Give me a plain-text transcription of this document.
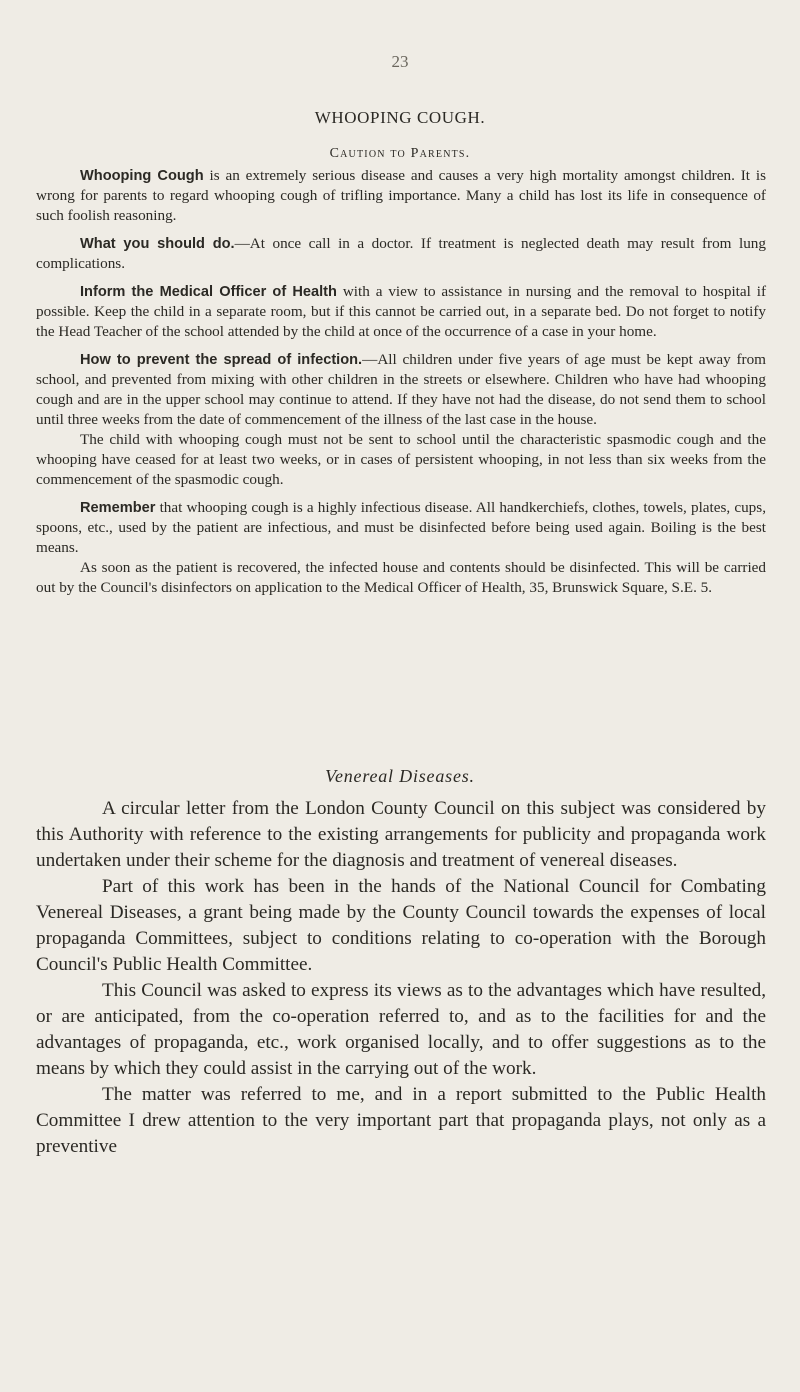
23
WHOOPING COUGH.
Caution to Parents.

Whooping Cough is an extremely serious disease and causes a very high mortality amongst children. It is wrong for parents to regard whooping cough of trifling importance. Many a child has lost its life in consequence of such foolish reasoning.

What you should do.—At once call in a doctor. If treatment is neglected death may result from lung complications.

Inform the Medical Officer of Health with a view to assistance in nursing and the removal to hospital if possible. Keep the child in a separate room, but if this cannot be carried out, in a separate bed. Do not forget to notify the Head Teacher of the school attended by the child at once of the occurrence of a case in your home.

How to prevent the spread of infection.—All children under five years of age must be kept away from school, and prevented from mixing with other children in the streets or elsewhere. Children who have had whooping cough and are in the upper school may continue to attend. If they have not had the disease, do not send them to school until three weeks from the date of commencement of the illness of the last case in the house.

The child with whooping cough must not be sent to school until the characteristic spasmodic cough and the whooping have ceased for at least two weeks, or in cases of persistent whooping, in not less than six weeks from the commencement of the spasmodic cough.

Remember that whooping cough is a highly infectious disease. All handkerchiefs, clothes, towels, plates, cups, spoons, etc., used by the patient are infectious, and must be disinfected before being used again. Boiling is the best means.

As soon as the patient is recovered, the infected house and contents should be disinfected. This will be carried out by the Council's disinfectors on application to the Medical Officer of Health, 35, Brunswick Square, S.E. 5.

Venereal Diseases.

A circular letter from the London County Council on this subject was considered by this Authority with reference to the existing arrangements for publicity and propaganda work undertaken under their scheme for the diagnosis and treatment of venereal diseases.

Part of this work has been in the hands of the National Council for Combating Venereal Diseases, a grant being made by the County Council towards the expenses of local propaganda Committees, subject to conditions relating to co-operation with the Borough Council's Public Health Committee.

This Council was asked to express its views as to the advantages which have resulted, or are anticipated, from the co-operation referred to, and as to the facilities for and the advantages of propaganda, etc., work organised locally, and to offer suggestions as to the means by which they could assist in the carrying out of the work.

The matter was referred to me, and in a report submitted to the Public Health Committee I drew attention to the very important part that propaganda plays, not only as a preventive
